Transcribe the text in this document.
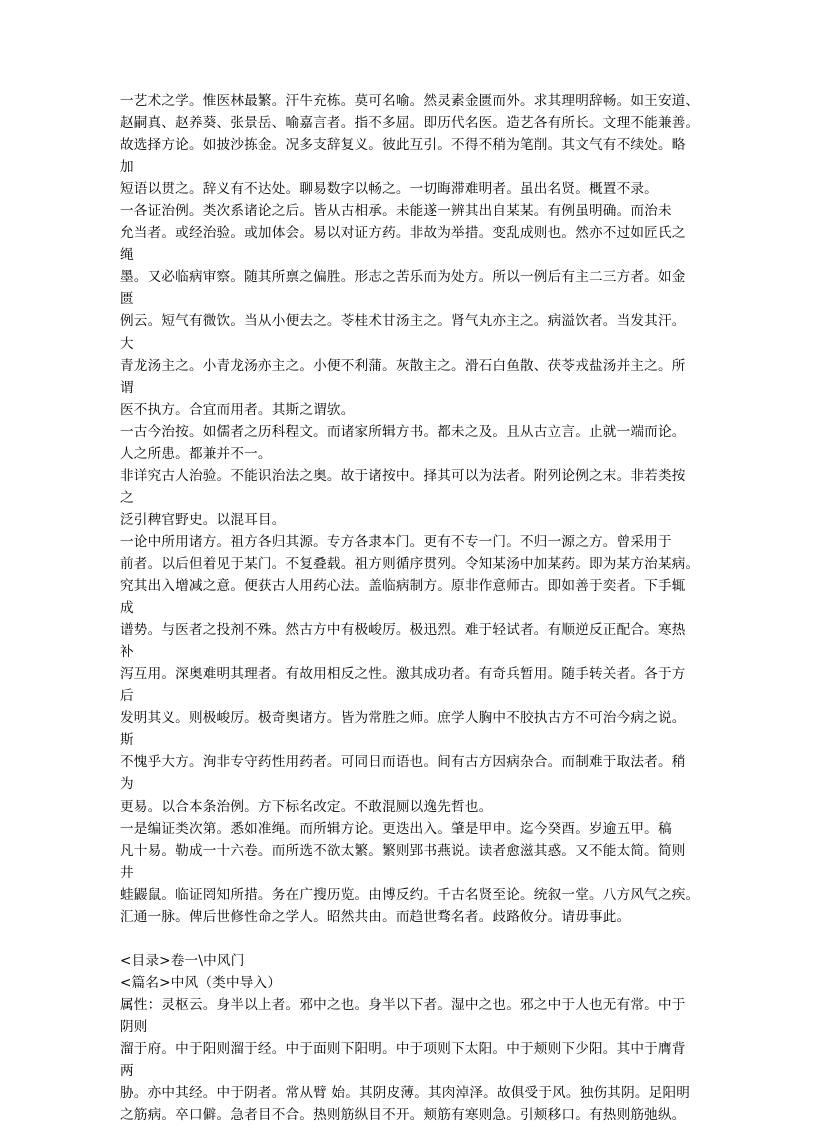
一艺术之学。惟医林最繁。汗牛充栋。莫可名喻。然灵素金匮而外。求其理明辞畅。如王安道、
赵嗣真、赵养葵、张景岳、喻嘉言者。指不多屈。即历代名医。造艺各有所长。文理不能兼善。
故选择方论。如披沙拣金。况多支辞复义。彼此互引。不得不稍为笔削。其文气有不续处。略
加
短语以贯之。辞义有不达处。聊易数字以畅之。一切晦滞难明者。虽出名贤。概置不录。
一各证治例。类次系诸论之后。皆从古相承。未能遂一辨其出自某某。有例虽明确。而治未
允当者。或经治验。或加体会。易以对证方药。非故为举措。变乱成则也。然亦不过如匠氏之
绳
墨。又必临病审察。随其所禀之偏胜。形志之苦乐而为处方。所以一例后有主二三方者。如金
匮
例云。短气有微饮。当从小便去之。苓桂术甘汤主之。肾气丸亦主之。病溢饮者。当发其汗。
大
青龙汤主之。小青龙汤亦主之。小便不利蒲。灰散主之。滑石白鱼散、茯苓戎盐汤并主之。所
谓
医不执方。合宜而用者。其斯之谓欤。
一古今治按。如儒者之历科程文。而诸家所辑方书。都未之及。且从古立言。止就一端而论。
人之所患。都兼并不一。
非详究古人治验。不能识治法之奥。故于诸按中。择其可以为法者。附列论例之末。非若类按
之
泛引稗官野史。以混耳目。
一论中所用诸方。祖方各归其源。专方各隶本门。更有不专一门。不归一源之方。曾采用于
前者。以后但着见于某门。不复叠载。祖方则循序贯列。令知某汤中加某药。即为某方治某病。
究其出入增减之意。便获古人用药心法。盖临病制方。原非作意师古。即如善于奕者。下手辄
成
谱势。与医者之投剂不殊。然古方中有极峻厉。极迅烈。难于轻试者。有顺逆反正配合。寒热
补
泻互用。深奥难明其理者。有故用相反之性。激其成功者。有奇兵暂用。随手转关者。各于方
后
发明其义。则极峻厉。极奇奥诸方。皆为常胜之师。庶学人胸中不胶执古方不可治今病之说。
斯
不愧乎大方。洵非专守药性用药者。可同日而语也。间有古方因病杂合。而制难于取法者。稍
为
更易。以合本条治例。方下标名改定。不敢混厕以逸先哲也。
一是编证类次第。悉如准绳。而所辑方论。更迭出入。肇是甲申。迄今癸酉。岁逾五甲。稿
凡十易。勒成一十六卷。而所选不欲太繁。繁则郢书燕说。读者愈滋其惑。又不能太简。简则
井
蛙鼹鼠。临证罔知所措。务在广搜历览。由博反约。千古名贤至论。统叙一堂。八方风气之疾。
汇通一脉。俾后世修性命之学人。昭然共由。而趋世骛名者。歧路攸分。请毋事此。
<目录>卷一\中风门
<篇名>中风（类中导入）
属性：灵枢云。身半以上者。邪中之也。身半以下者。湿中之也。邪之中于人也无有常。中于
阴则
溜于府。中于阳则溜于经。中于面则下阳明。中于项则下太阳。中于颊则下少阳。其中于膺背
两
胁。亦中其经。中于阴者。常从臂 始。其阴皮薄。其肉淖泽。故俱受于风。独伤其阴。足阳明
之筋病。卒口僻。急者目不合。热则筋纵目不开。颊筋有寒则急。引颊移口。有热则筋弛纵。
